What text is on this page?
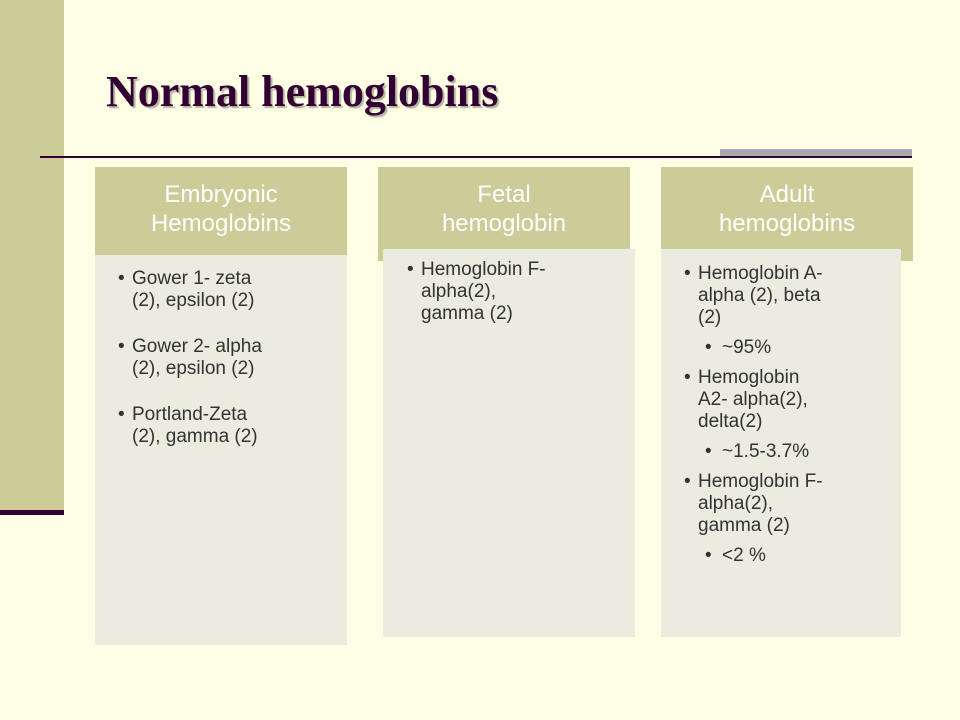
Normal hemoglobins
Embryonic
Hemoglobins
• Gower 1- zeta
(2), epsilon (2)
• Gower 2- alpha
(2), epsilon (2)
• Portland-Zeta
(2), gamma (2)
Fetal
hemoglobin
• Hemoglobin F-
alpha(2),
gamma (2)
Adult
hemoglobins
• Hemoglobin A-
alpha (2), beta
(2)
• ~95%
• Hemoglobin
A2- alpha(2),
delta(2)
• ~1.5-3.7%
• Hemoglobin F-
alpha(2),
gamma (2)
• <2 %
